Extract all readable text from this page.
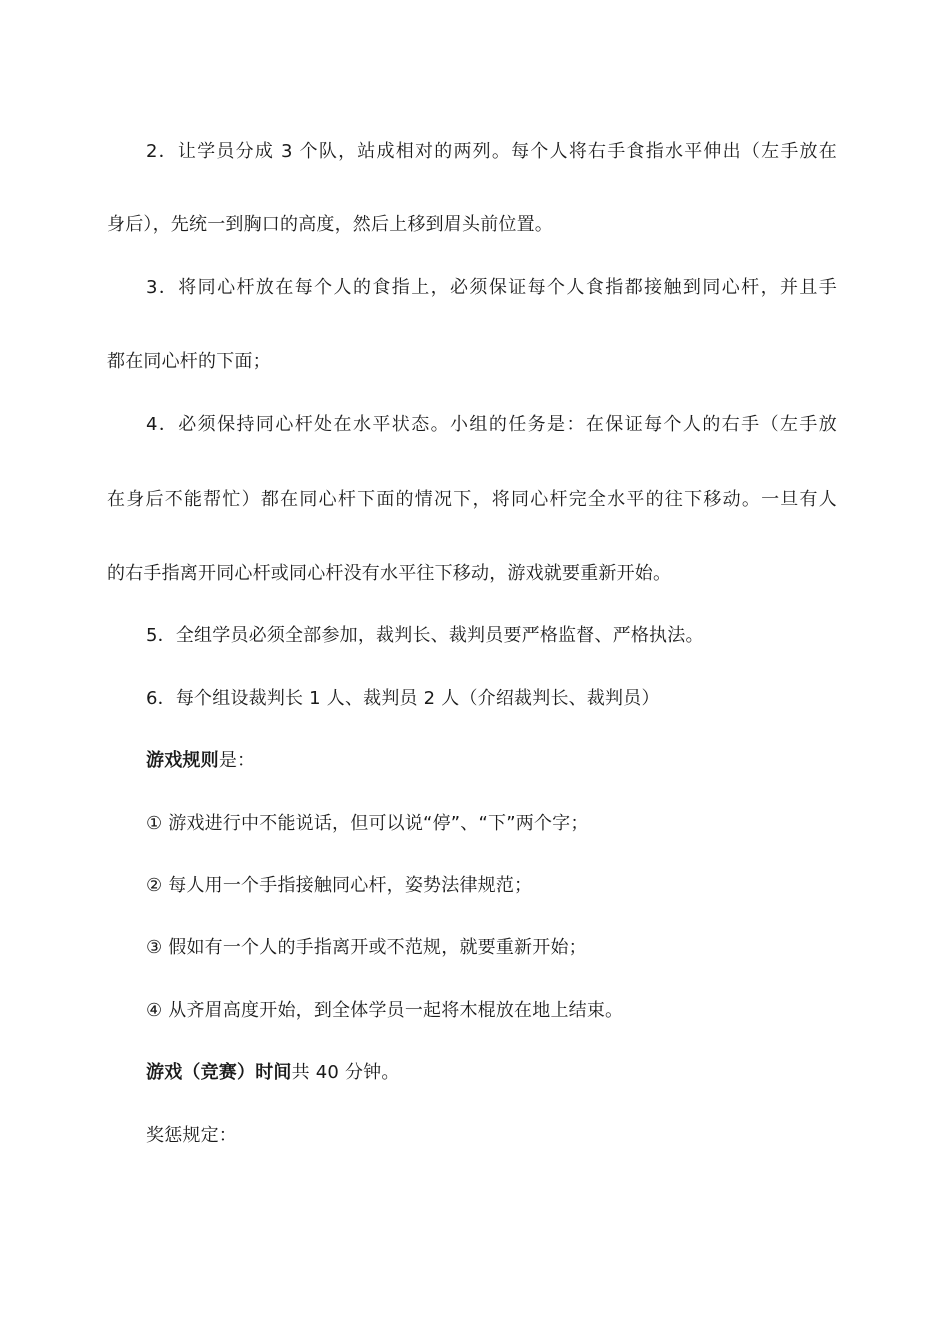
2．让学员分成 3 个队，站成相对的两列。每个人将右手食指水平伸出（左手放在
身后），先统一到胸口的高度，然后上移到眉头前位置。
3．将同心杆放在每个人的食指上，必须保证每个人食指都接触到同心杆，并且手
都在同心杆的下面；
4．必须保持同心杆处在水平状态。小组的任务是：在保证每个人的右手（左手放
在身后不能帮忙）都在同心杆下面的情况下，将同心杆完全水平的往下移动。一旦有人
的右手指离开同心杆或同心杆没有水平往下移动，游戏就要重新开始。
5．全组学员必须全部参加，裁判长、裁判员要严格监督、严格执法。
6．每个组设裁判长 1 人、裁判员 2 人（介绍裁判长、裁判员）
游戏规则是：
① 游戏进行中不能说话，但可以说“停”、“下”两个字；
② 每人用一个手指接触同心杆，姿势法律规范；
③ 假如有一个人的手指离开或不范规，就要重新开始；
④ 从齐眉高度开始，到全体学员一起将木棍放在地上结束。
游戏（竞赛）时间共 40 分钟。
奖惩规定：
